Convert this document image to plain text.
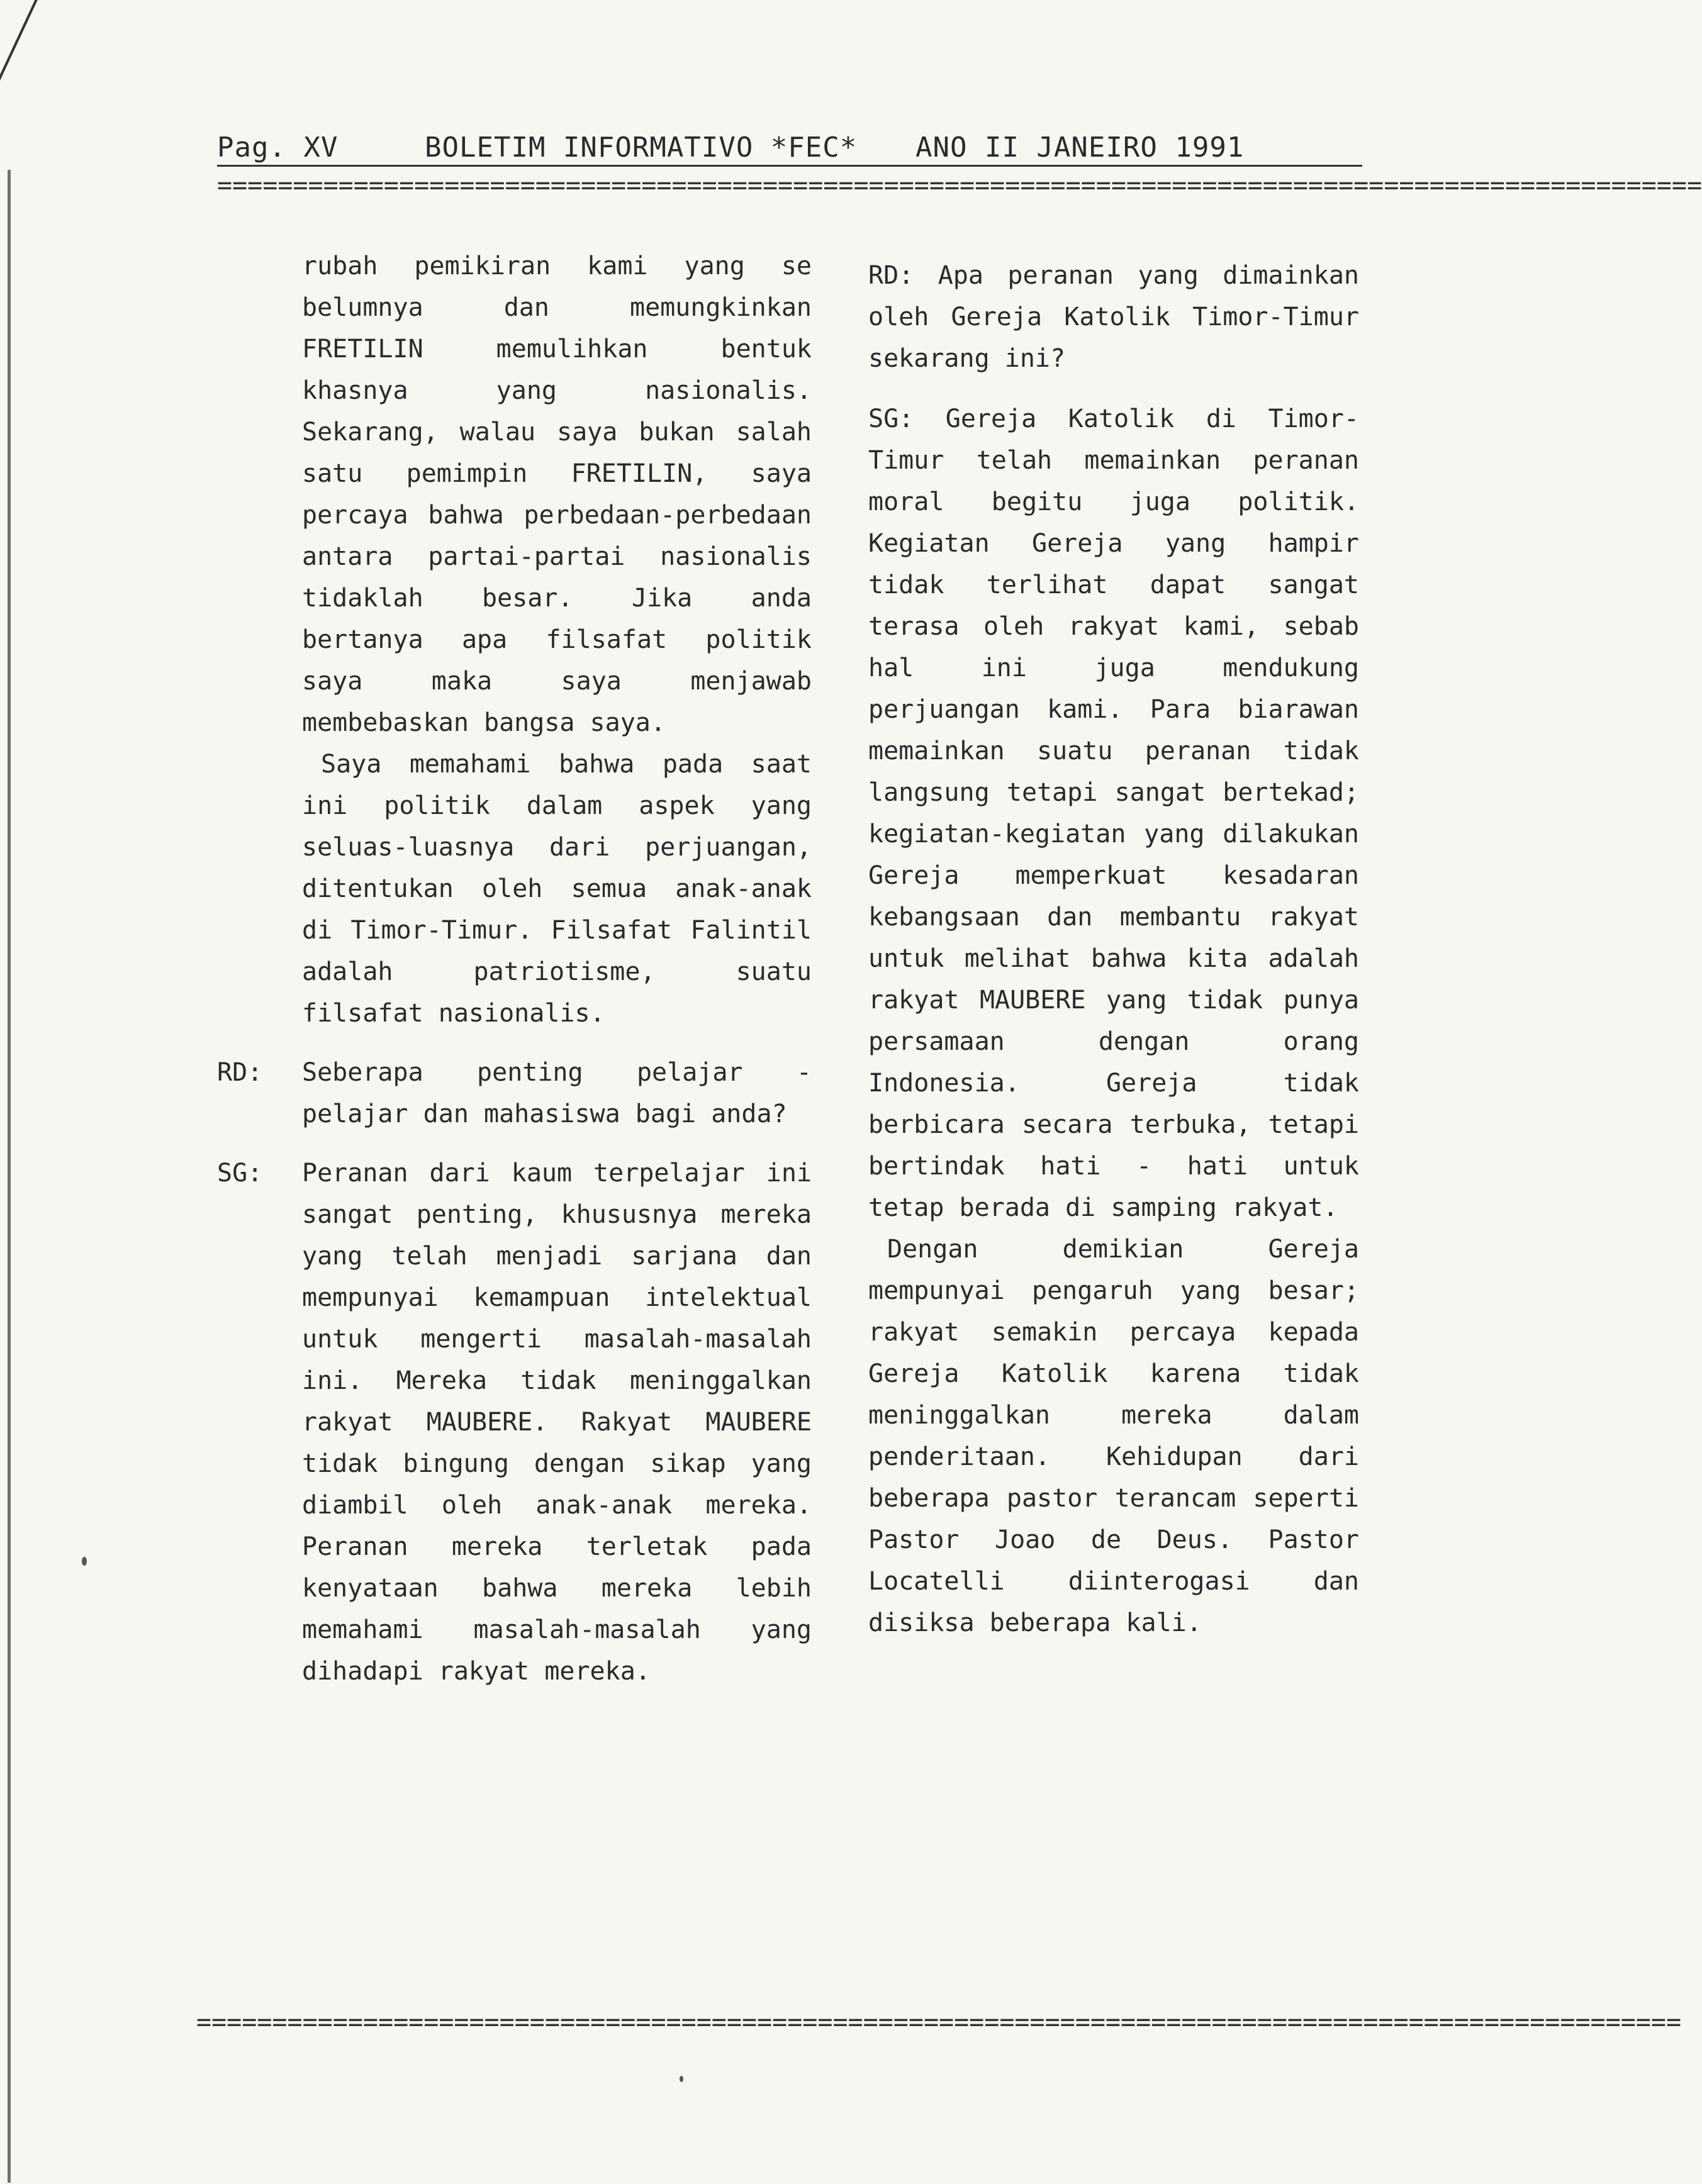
Pag. XV

	BOLETIM INFORMATIVO *FEC*

ANO II JANEIRO 1991

==================================================================================================
==================================================================================================

rubah pemikiran kami yang se belumnya dan memungkinkan FRETILIN memulihkan bentuk khasnya yang nasionalis. Sekarang, walau saya bukan salah satu pemimpin FRETILIN, saya percaya bahwa perbedaan-perbedaan antara partai-partai nasionalis tidaklah besar. Jika anda bertanya apa filsafat politik saya maka saya menjawab membebaskan bangsa saya.

Saya memahami bahwa pada saat ini politik dalam aspek yang seluas-luasnya dari perjuangan, ditentukan oleh semua anak-anak di Timor-Timur. Filsafat Falintil adalah patriotisme, suatu filsafat nasionalis.

RD:	Seberapa penting pelajar - pelajar dan mahasiswa bagi anda?

SG:	Peranan dari kaum terpelajar ini sangat penting, khususnya mereka yang telah menjadi sarjana dan mempunyai kemampuan intelektual untuk mengerti masalah-masalah ini. Mereka tidak meninggalkan rakyat MAUBERE. Rakyat MAUBERE tidak bingung dengan sikap yang diambil oleh anak-anak mereka. Peranan mereka terletak pada kenyataan bahwa mereka lebih memahami masalah-masalah yang dihadapi rakyat mereka.

RD: Apa peranan yang dimainkan oleh Gereja Katolik Timor-Timur sekarang ini?

SG: Gereja Katolik di Timor-Timur telah memainkan peranan moral begitu juga politik. Kegiatan Gereja yang hampir tidak terlihat dapat sangat terasa oleh rakyat kami, sebab hal ini juga mendukung perjuangan kami. Para biarawan memainkan suatu peranan tidak langsung tetapi sangat bertekad; kegiatan-kegiatan yang dilakukan Gereja memperkuat kesadaran kebangsaan dan membantu rakyat untuk melihat bahwa kita adalah rakyat MAUBERE yang tidak punya persamaan dengan orang Indonesia. Gereja tidak berbicara secara terbuka, tetapi bertindak hati - hati untuk tetap berada di samping rakyat.

Dengan demikian Gereja mempunyai pengaruh yang besar; rakyat semakin percaya kepada Gereja Katolik karena tidak meninggalkan mereka dalam penderitaan. Kehidupan dari beberapa pastor terancam seperti Pastor Joao de Deus. Pastor Locatelli diinterogasi dan disiksa beberapa kali.
